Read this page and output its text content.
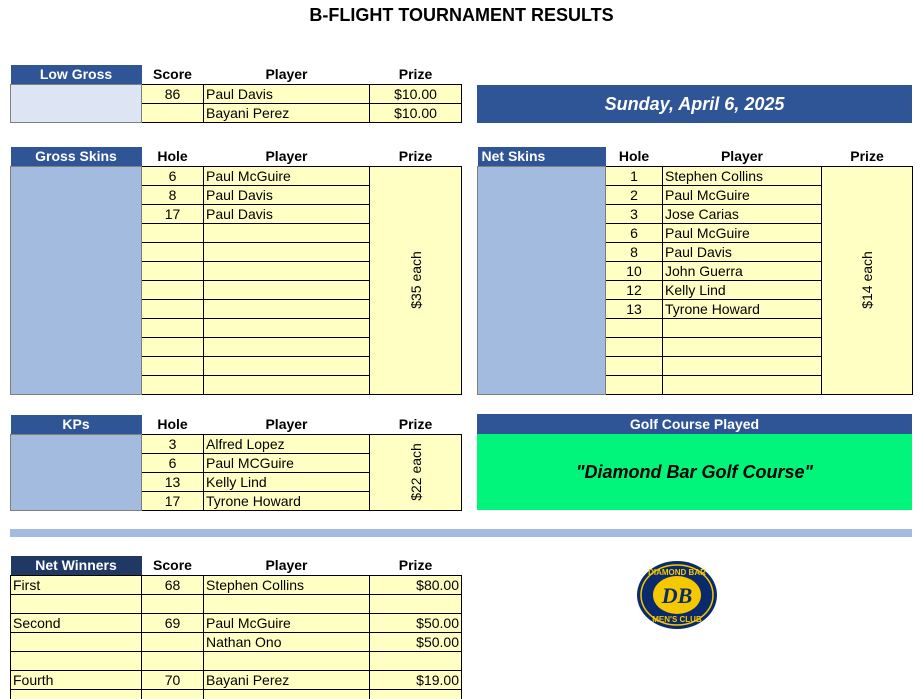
B-FLIGHT TOURNAMENT RESULTS
Low Gross	Score	Player	Prize
	86	Paul Davis	$10.00
		Bayani Perez	$10.00	Sunday, April 6, 2025
Gross Skins	Hole	Player	Prize
	6	Paul McGuire	$35 each
	8	Paul Davis	
	17	Paul Davis	

Net Skins	Hole	Player	Prize
	1	Stephen Collins	$14 each
	2	Paul McGuire	
	3	Jose Carias	
	6	Paul McGuire	
	8	Paul Davis	
	10	John Guerra	
	12	Kelly Lind	
	13	Tyrone Howard	

KPs	Hole	Player	Prize
	3	Alfred Lopez	$22 each
	6	Paul MCGuire	
	13	Kelly Lind	
	17	Tyrone Howard	
Golf Course Played
"Diamond Bar Golf Course"
Net Winners	Score	Player	Prize
First	68	Stephen Collins	$80.00

Second	69	Paul McGuire	$50.00
		Nathan Ono	$50.00

Fourth	70	Bayani Perez	$19.00

DIAMOND BAR
DB
MEN'S CLUB
